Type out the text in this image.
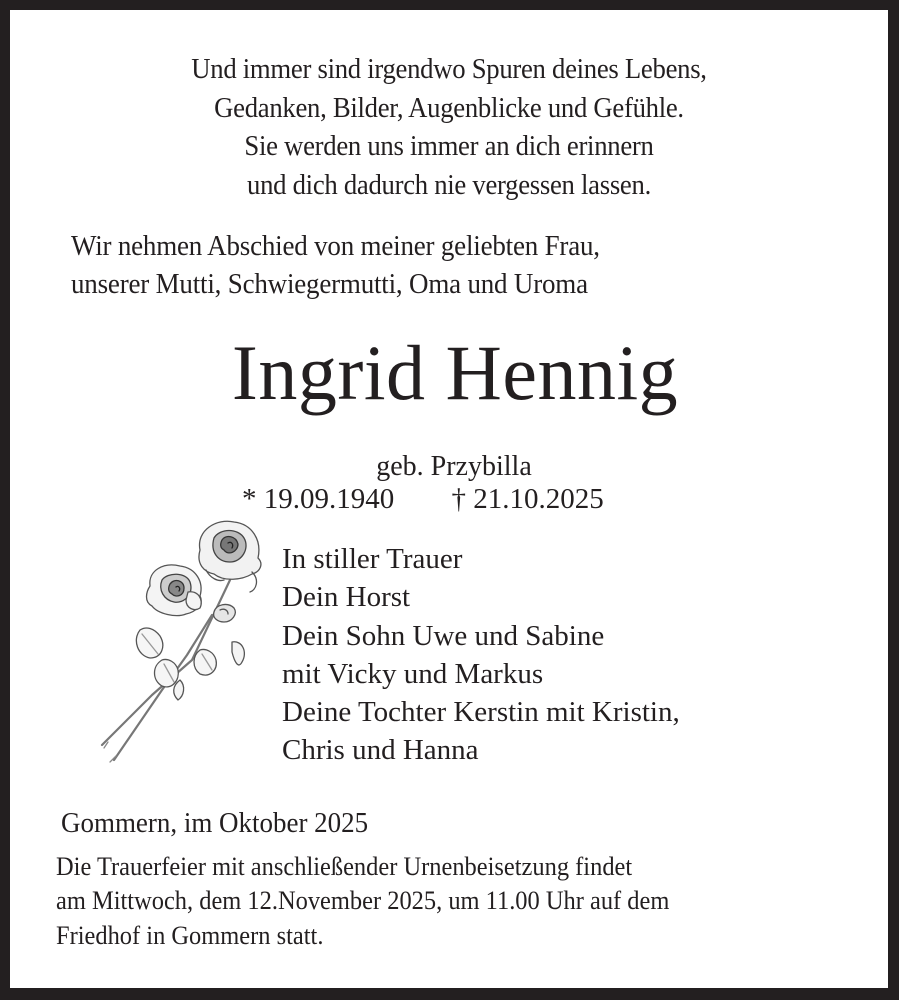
Und immer sind irgendwo Spuren deines Lebens,
Gedanken, Bilder, Augenblicke und Gefühle.
Sie werden uns immer an dich erinnern
und dich dadurch nie vergessen lassen.
Wir nehmen Abschied von meiner geliebten Frau,
unserer Mutti, Schwiegermutti, Oma und Uroma
Ingrid Hennig
geb. Przybilla
* 19.09.1940 † 21.10.2025
In stiller Trauer
Dein Horst
Dein Sohn Uwe und Sabine
mit Vicky und Markus
Deine Tochter Kerstin mit Kristin,
Chris und Hanna
Gommern, im Oktober 2025
Die Trauerfeier mit anschließender Urnenbeisetzung findet
am Mittwoch, dem 12.November 2025, um 11.00 Uhr auf dem
Friedhof in Gommern statt.
